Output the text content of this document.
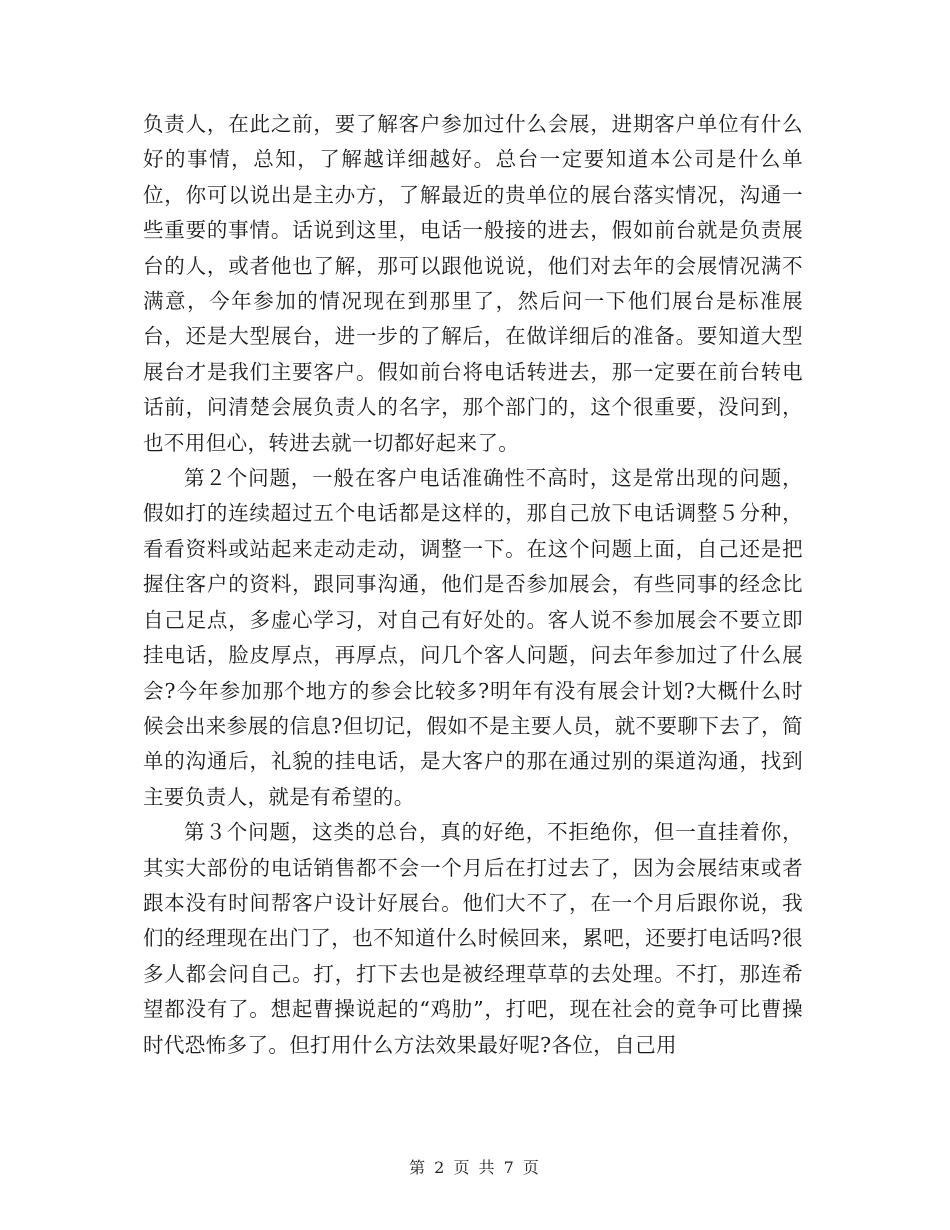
负责人，在此之前，要了解客户参加过什么会展，进期客户单位有什么好的事情，总知，了解越详细越好。总台一定要知道本公司是什么单位，你可以说出是主办方，了解最近的贵单位的展台落实情况，沟通一些重要的事情。话说到这里，电话一般接的进去，假如前台就是负责展台的人，或者他也了解，那可以跟他说说，他们对去年的会展情况满不满意，今年参加的情况现在到那里了，然后问一下他们展台是标准展台，还是大型展台，进一步的了解后，在做详细后的准备。要知道大型展台才是我们主要客户。假如前台将电话转进去，那一定要在前台转电话前，问清楚会展负责人的名字，那个部门的，这个很重要，没问到，也不用但心，转进去就一切都好起来了。

第２个问题，一般在客户电话准确性不高时，这是常出现的问题，假如打的连续超过五个电话都是这样的，那自己放下电话调整５分种，看看资料或站起来走动走动，调整一下。在这个问题上面，自己还是把握住客户的资料，跟同事沟通，他们是否参加展会，有些同事的经念比自己足点，多虚心学习，对自己有好处的。客人说不参加展会不要立即挂电话，脸皮厚点，再厚点，问几个客人问题，问去年参加过了什么展会?今年参加那个地方的参会比较多?明年有没有展会计划?大概什么时候会出来参展的信息?但切记，假如不是主要人员，就不要聊下去了，简单的沟通后，礼貌的挂电话，是大客户的那在通过别的渠道沟通，找到主要负责人，就是有希望的。

第３个问题，这类的总台，真的好绝，不拒绝你，但一直挂着你，其实大部份的电话销售都不会一个月后在打过去了，因为会展结束或者跟本没有时间帮客户设计好展台。他们大不了，在一个月后跟你说，我们的经理现在出门了，也不知道什么时候回来，累吧，还要打电话吗?很多人都会问自己。打，打下去也是被经理草草的去处理。不打，那连希望都没有了。想起曹操说起的“鸡肋”，打吧，现在社会的竟争可比曹操时代恐怖多了。但打用什么方法效果最好呢?各位，自己用

第 2 页 共 7 页
